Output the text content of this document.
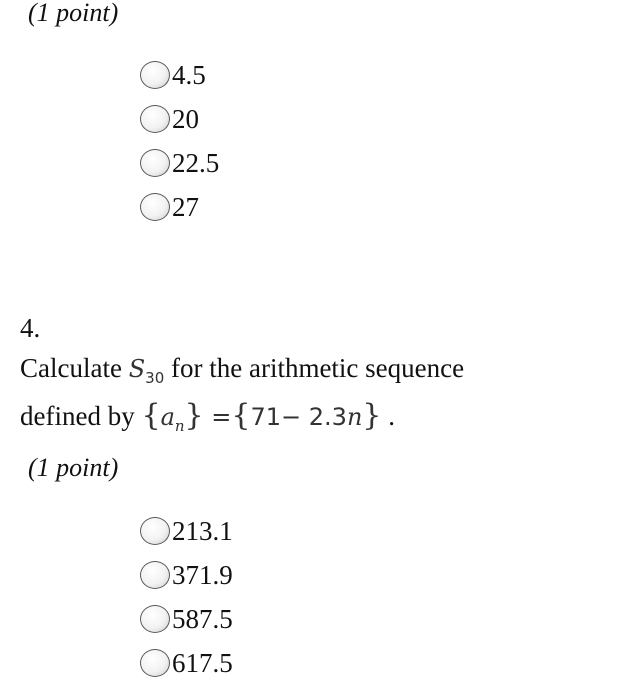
(1 point)
4.5
20
22.5
27
4.
Calculate $S_{30}$ for the arithmetic sequence
defined by $\{a_n\} =\{71- 2.3n\}$ .
(1 point)
213.1
371.9
587.5
617.5
